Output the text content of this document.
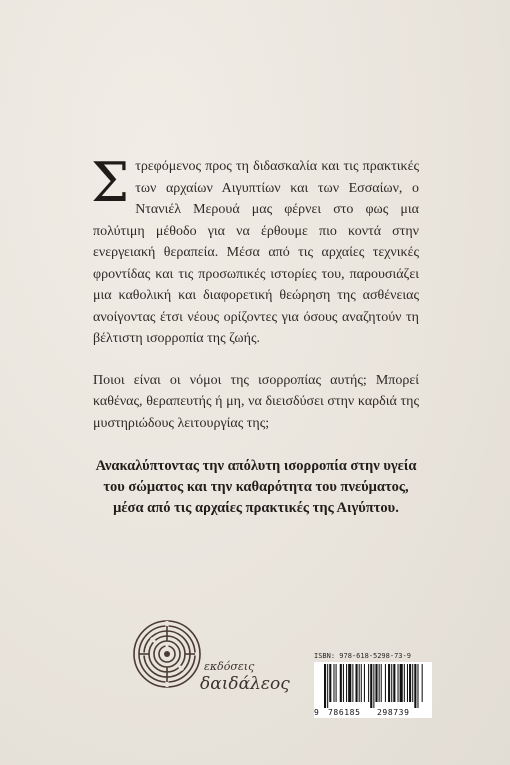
Στρεφόμενος προς τη διδασκαλία και τις πρακτικές των αρχαίων Αιγυπτίων και των Εσσαίων, ο Ντανιέλ Μερουά μας φέρνει στο φως μια πολύτιμη μέθοδο για να έρθουμε πιο κοντά στην ενεργειακή θεραπεία. Μέσα από τις αρχαίες τεχνικές φροντίδας και τις προσωπικές ιστορίες του, παρουσιάζει μια καθολική και διαφορετική θεώρηση της ασθένειας ανοίγοντας έτσι νέους ορίζοντες για όσους αναζητούν τη βέλτιστη ισορροπία της ζωής.

Ποιοι είναι οι νόμοι της ισορροπίας αυτής; Μπορεί καθένας, θεραπευτής ή μη, να διεισδύσει στην καρδιά της μυστηριώδους λειτουργίας της;

Ανακαλύπτοντας την απόλυτη ισορροπία στην υγεία του σώματος και την καθαρότητα του πνεύματος, μέσα από τις αρχαίες πρακτικές της Αιγύπτου.

εκδόσεις
δαιδάλεος
ISBN: 978-618-5298-73-9
9 786185 298739
